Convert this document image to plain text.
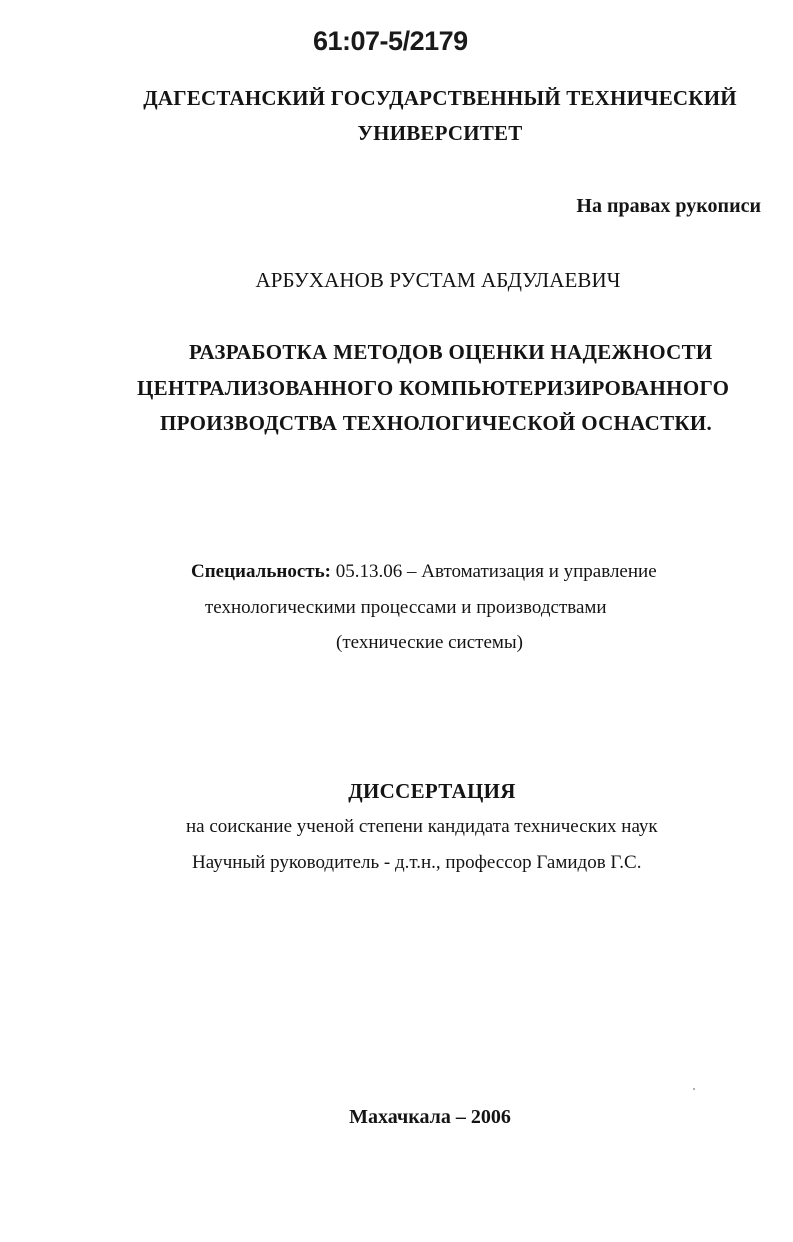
61:07-5/2179
ДАГЕСТАНСКИЙ ГОСУДАРСТВЕННЫЙ ТЕХНИЧЕСКИЙ
УНИВЕРСИТЕТ
На правах рукописи
АРБУХАНОВ РУСТАМ АБДУЛАЕВИЧ
РАЗРАБОТКА МЕТОДОВ ОЦЕНКИ НАДЕЖНОСТИ
ЦЕНТРАЛИЗОВАННОГО КОМПЬЮТЕРИЗИРОВАННОГО
ПРОИЗВОДСТВА ТЕХНОЛОГИЧЕСКОЙ ОСНАСТКИ.
Специальность: 05.13.06 – Автоматизация и управление
технологическими процессами и производствами
(технические системы)
ДИССЕРТАЦИЯ
на соискание ученой степени кандидата технических наук
Научный руководитель - д.т.н., профессор Гамидов Г.С.
Махачкала – 2006
